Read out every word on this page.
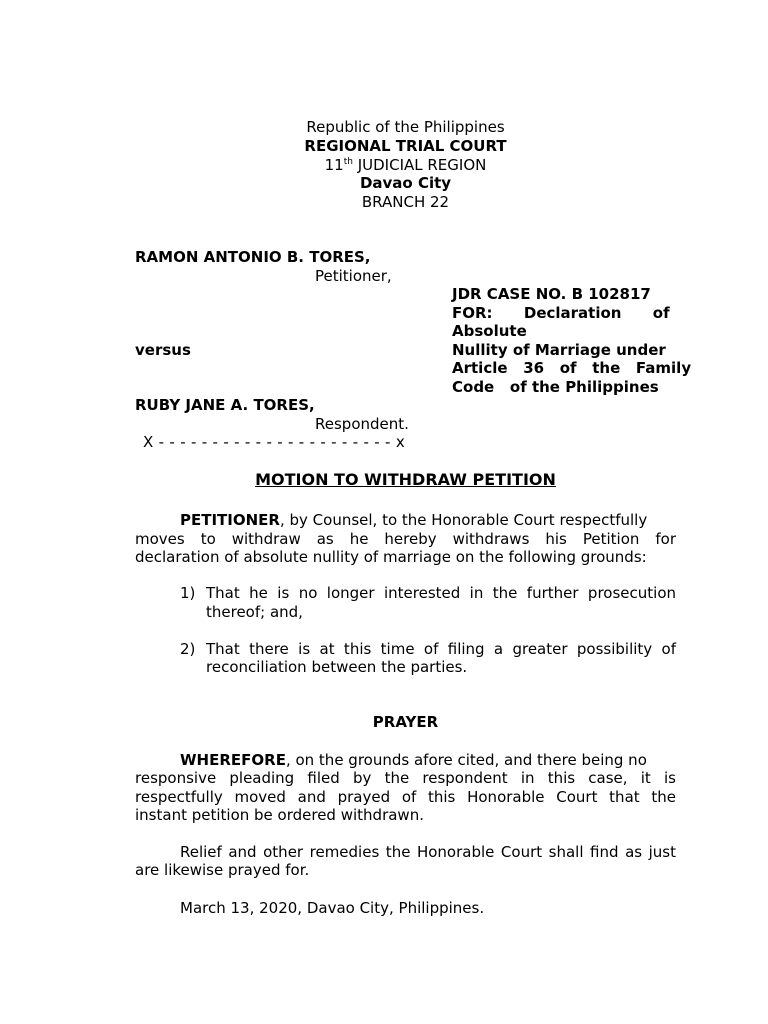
Republic of the Philippines
REGIONAL TRIAL COURT
11th JUDICIAL REGION
Davao City
BRANCH 22
RAMON ANTONIO B. TORES,
Petitioner,
versus
RUBY JANE A. TORES,
Respondent.
X - - - - - - - - - - - - - - - - - - - - - - x
JDR CASE NO. B 102817
FOR:      Declaration      of
Absolute
Nullity of Marriage under
Article   36   of   the   Family
Code   of the Philippines
MOTION TO WITHDRAW PETITION
PETITIONER, by Counsel, to the Honorable Court respectfully
moves to withdraw as he hereby withdraws his Petition for
declaration of absolute nullity of marriage on the following grounds:
1) That he is no longer interested in the further prosecution
thereof; and,
2) That there is at this time of filing a greater possibility of
reconciliation between the parties.
PRAYER
WHEREFORE, on the grounds afore cited, and there being no
responsive pleading filed by the respondent in this case, it is
respectfully moved and prayed of this Honorable Court that the
instant petition be ordered withdrawn.
Relief and other remedies the Honorable Court shall find as just
are likewise prayed for.
March 13, 2020, Davao City, Philippines.
